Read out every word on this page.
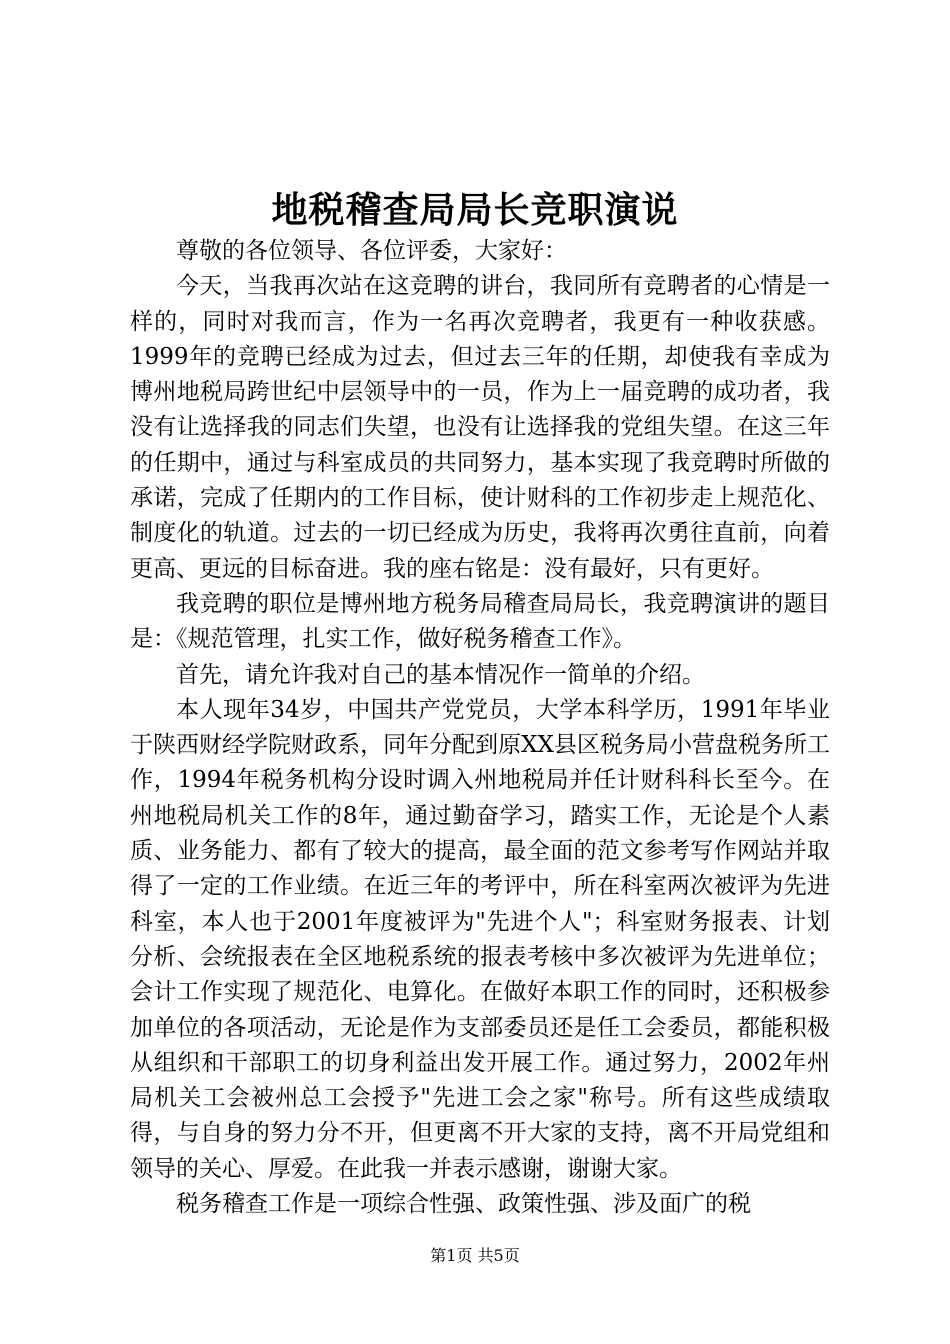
地税稽查局局长竞职演说

尊敬的各位领导、各位评委，大家好：

今天，当我再次站在这竞聘的讲台，我同所有竞聘者的心情是一样的，同时对我而言，作为一名再次竞聘者，我更有一种收获感。1999年的竞聘已经成为过去，但过去三年的任期，却使我有幸成为博州地税局跨世纪中层领导中的一员，作为上一届竞聘的成功者，我没有让选择我的同志们失望，也没有让选择我的党组失望。在这三年的任期中，通过与科室成员的共同努力，基本实现了我竞聘时所做的承诺，完成了任期内的工作目标，使计财科的工作初步走上规范化、制度化的轨道。过去的一切已经成为历史，我将再次勇往直前，向着更高、更远的目标奋进。我的座右铭是：没有最好，只有更好。

我竞聘的职位是博州地方税务局稽查局局长，我竞聘演讲的题目是：《规范管理，扎实工作，做好税务稽查工作》。

首先，请允许我对自己的基本情况作一简单的介绍。

本人现年34岁，中国共产党党员，大学本科学历，1991年毕业于陕西财经学院财政系，同年分配到原XX县区税务局小营盘税务所工作，1994年税务机构分设时调入州地税局并任计财科科长至今。在州地税局机关工作的8年，通过勤奋学习，踏实工作，无论是个人素质、业务能力、都有了较大的提高，最全面的范文参考写作网站并取得了一定的工作业绩。在近三年的考评中，所在科室两次被评为先进科室，本人也于2001年度被评为"先进个人"；科室财务报表、计划分析、会统报表在全区地税系统的报表考核中多次被评为先进单位；会计工作实现了规范化、电算化。在做好本职工作的同时，还积极参加单位的各项活动，无论是作为支部委员还是任工会委员，都能积极从组织和干部职工的切身利益出发开展工作。通过努力，2002年州局机关工会被州总工会授予"先进工会之家"称号。所有这些成绩取得，与自身的努力分不开，但更离不开大家的支持，离不开局党组和领导的关心、厚爱。在此我一并表示感谢，谢谢大家。

税务稽查工作是一项综合性强、政策性强、涉及面广的税

第1页 共5页
